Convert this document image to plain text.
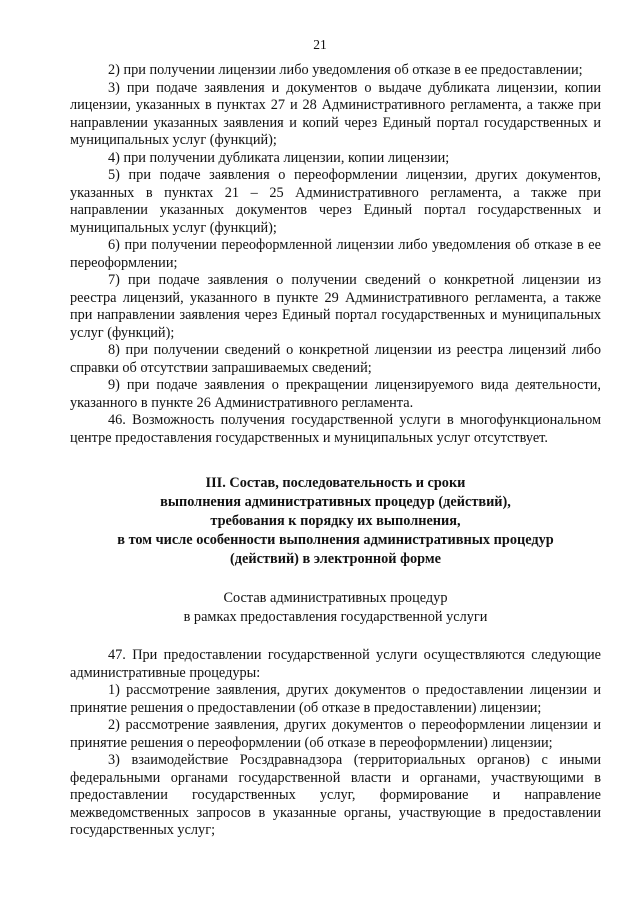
21

2) при получении лицензии либо уведомления об отказе в ее предоставлении;

3) при подаче заявления и документов о выдаче дубликата лицензии, копии лицензии, указанных в пунктах 27 и 28 Административного регламента, а также при направлении указанных заявления и копий через Единый портал государственных и муниципальных услуг (функций);

4) при получении дубликата лицензии, копии лицензии;

5) при подаче заявления о переоформлении лицензии, других документов, указанных в пунктах 21 – 25 Административного регламента, а также при направлении указанных документов через Единый портал государственных и муниципальных услуг (функций);

6) при получении переоформленной лицензии либо уведомления об отказе в ее переоформлении;

7) при подаче заявления о получении сведений о конкретной лицензии из реестра лицензий, указанного в пункте 29 Административного регламента, а также при направлении заявления через Единый портал государственных и муниципальных услуг (функций);

8) при получении сведений о конкретной лицензии из реестра лицензий либо справки об отсутствии запрашиваемых сведений;

9) при подаче заявления о прекращении лицензируемого вида деятельности, указанного в пункте 26 Административного регламента.

46. Возможность получения государственной услуги в многофункциональном центре предоставления государственных и муниципальных услуг отсутствует.

III. Состав, последовательность и сроки

выполнения административных процедур (действий),

требования к порядку их выполнения,

в том числе особенности выполнения административных процедур

(действий) в электронной форме

Состав административных процедур

в рамках предоставления государственной услуги

47. При предоставлении государственной услуги осуществляются следующие административные процедуры:

1) рассмотрение заявления, других документов о предоставлении лицензии и принятие решения о предоставлении (об отказе в предоставлении) лицензии;

2) рассмотрение заявления, других документов о переоформлении лицензии и принятие решения о переоформлении (об отказе в переоформлении) лицензии;

3) взаимодействие Росздравнадзора (территориальных органов) с иными федеральными органами государственной власти и органами, участвующими в предоставлении государственных услуг, формирование и направление межведомственных запросов в указанные органы, участвующие в предоставлении государственных услуг;
